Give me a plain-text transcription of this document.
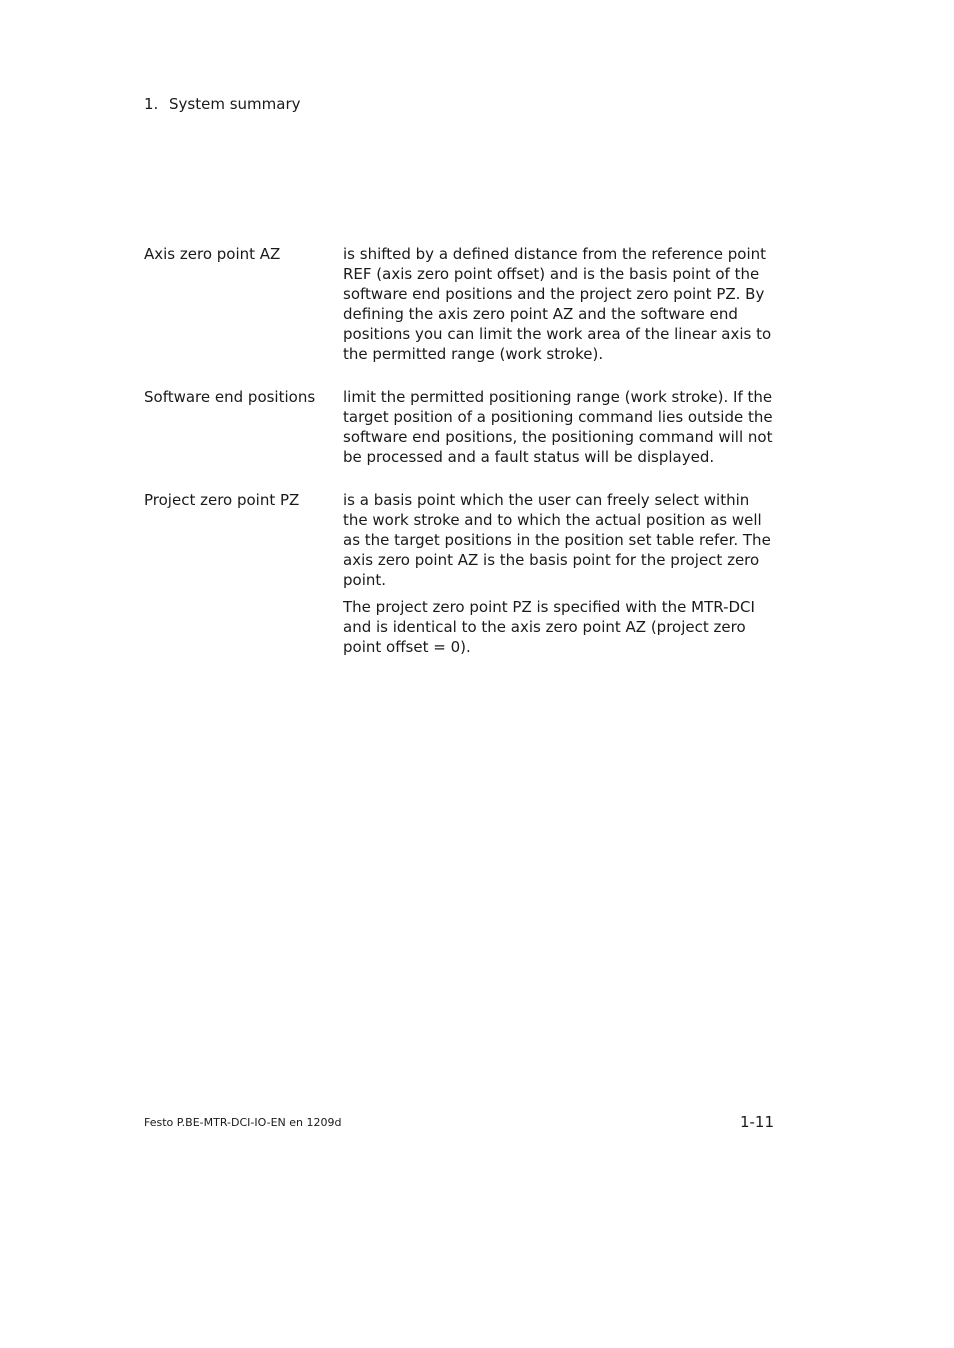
1. System summary
Axis zero point AZ	is shifted by a defined distance from the reference point REF (axis zero point offset) and is the basis point of the software end positions and the project zero point PZ. By defining the axis zero point AZ and the software end positions you can limit the work area of the linear axis to the permitted range (work stroke).

Software end positions	limit the permitted positioning range (work stroke). If the target position of a positioning command lies outside the software end positions, the positioning command will not be processed and a fault status will be displayed.

Project zero point PZ	is a basis point which the user can freely select within the work stroke and to which the actual position as well as the target positions in the position set table refer. The axis zero point AZ is the basis point for the project zero point.

The project zero point PZ is specified with the MTR-DCI and is identical to the axis zero point AZ (project zero point offset = 0).

Festo P.BE-MTR-DCI-IO-EN en 1209d	1-11
